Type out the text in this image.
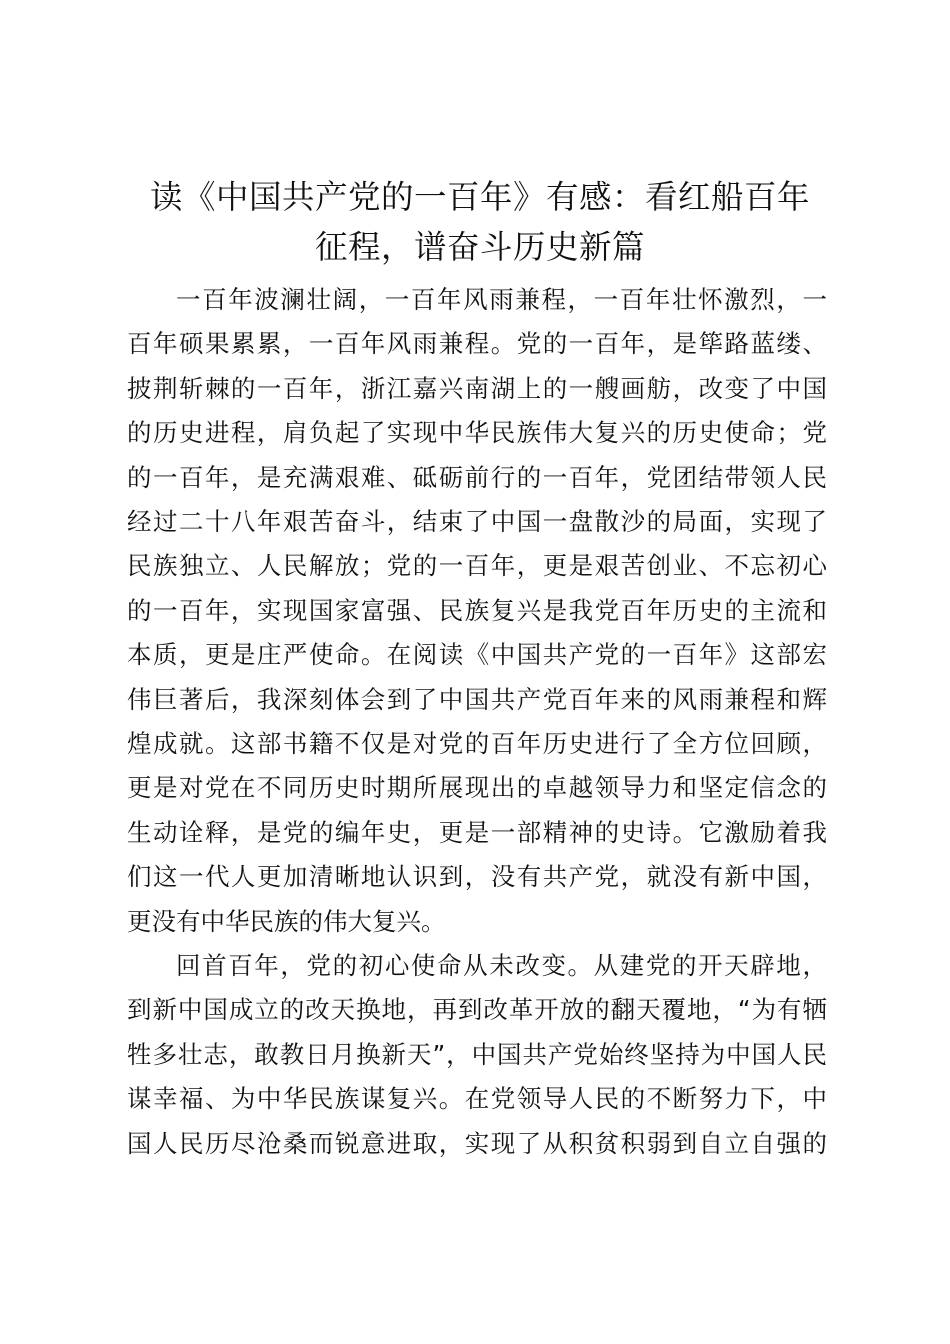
读《中国共产党的一百年》有感：看红船百年
征程，谱奋斗历史新篇

一百年波澜壮阔，一百年风雨兼程，一百年壮怀激烈，一
百年硕果累累，一百年风雨兼程。党的一百年，是筚路蓝缕、
披荆斩棘的一百年，浙江嘉兴南湖上的一艘画舫，改变了中国
的历史进程，肩负起了实现中华民族伟大复兴的历史使命；党
的一百年，是充满艰难、砥砺前行的一百年，党团结带领人民
经过二十八年艰苦奋斗，结束了中国一盘散沙的局面，实现了
民族独立、人民解放；党的一百年，更是艰苦创业、不忘初心
的一百年，实现国家富强、民族复兴是我党百年历史的主流和
本质，更是庄严使命。在阅读《中国共产党的一百年》这部宏
伟巨著后，我深刻体会到了中国共产党百年来的风雨兼程和辉
煌成就。这部书籍不仅是对党的百年历史进行了全方位回顾，
更是对党在不同历史时期所展现出的卓越领导力和坚定信念的
生动诠释，是党的编年史，更是一部精神的史诗。它激励着我
们这一代人更加清晰地认识到，没有共产党，就没有新中国，
更没有中华民族的伟大复兴。

回首百年，党的初心使命从未改变。从建党的开天辟地，
到新中国成立的改天换地，再到改革开放的翻天覆地，“为有牺
牲多壮志，敢教日月换新天”，中国共产党始终坚持为中国人民
谋幸福、为中华民族谋复兴。在党领导人民的不断努力下，中
国人民历尽沧桑而锐意进取，实现了从积贫积弱到自立自强的
